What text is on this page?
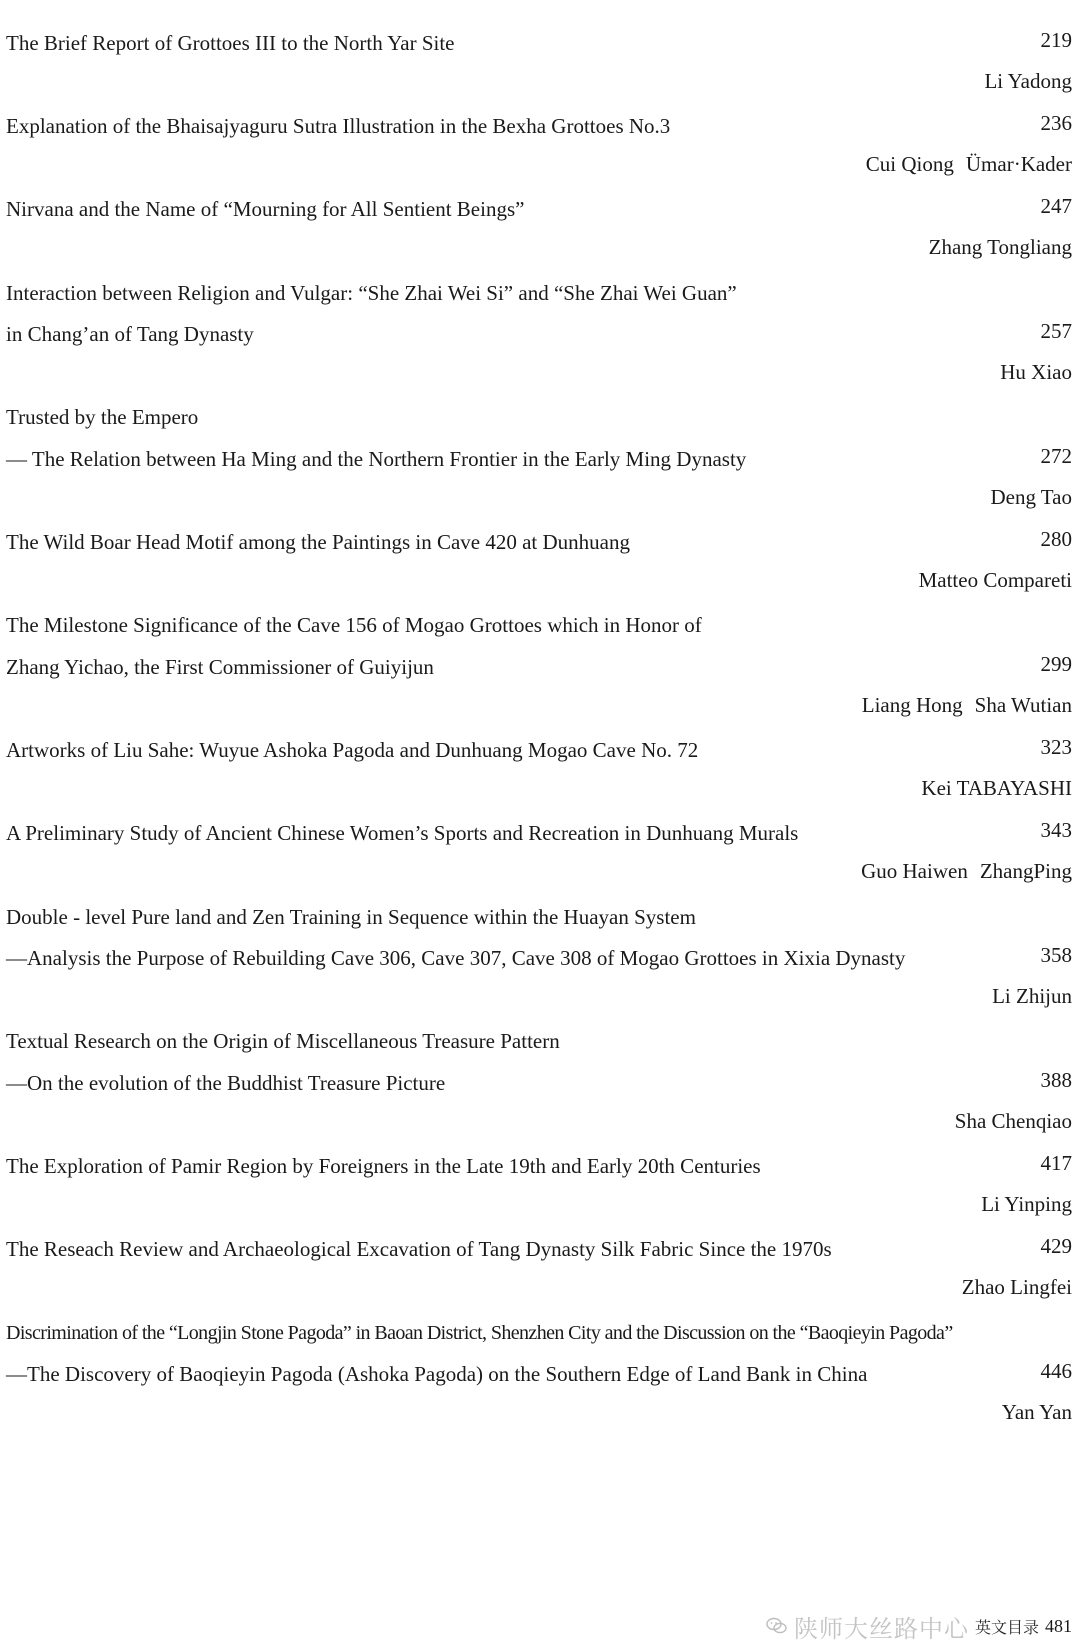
The Brief Report of Grottoes III to the North Yar Site	219
Li Yadong
Explanation of the Bhaisajyaguru Sutra Illustration in the Bexha Grottoes No.3	236
Cui Qiong Ümar·Kader
Nirvana and the Name of “Mourning for All Sentient Beings”	247
Zhang Tongliang
Interaction between Religion and Vulgar: “She Zhai Wei Si” and “She Zhai Wei Guan”
in Chang’an of Tang Dynasty	257
Hu Xiao
Trusted by the Empero
— The Relation between Ha Ming and the Northern Frontier in the Early Ming Dynasty	272
Deng Tao
The Wild Boar Head Motif among the Paintings in Cave 420 at Dunhuang	280
Matteo Compareti
The Milestone Significance of the Cave 156 of Mogao Grottoes which in Honor of
Zhang Yichao, the First Commissioner of Guiyijun	299
Liang Hong Sha Wutian
Artworks of Liu Sahe: Wuyue Ashoka Pagoda and Dunhuang Mogao Cave No. 72	323
Kei TABAYASHI
A Preliminary Study of Ancient Chinese Women’s Sports and Recreation in Dunhuang Murals	343
Guo Haiwen ZhangPing
Double - level Pure land and Zen Training in Sequence within the Huayan System
—Analysis the Purpose of Rebuilding Cave 306, Cave 307, Cave 308 of Mogao Grottoes in Xixia Dynasty	358
Li Zhijun
Textual Research on the Origin of Miscellaneous Treasure Pattern
—On the evolution of the Buddhist Treasure Picture	388
Sha Chenqiao
The Exploration of Pamir Region by Foreigners in the Late 19th and Early 20th Centuries	417
Li Yinping
The Reseach Review and Archaeological Excavation of Tang Dynasty Silk Fabric Since the 1970s	429
Zhao Lingfei
Discrimination of the “Longjin Stone Pagoda” in Baoan District, Shenzhen City and the Discussion on the “Baoqieyin Pagoda”
—The Discovery of Baoqieyin Pagoda (Ashoka Pagoda) on the Southern Edge of Land Bank in China	446
Yan Yan
陕师大丝路中心 英文目录 481
